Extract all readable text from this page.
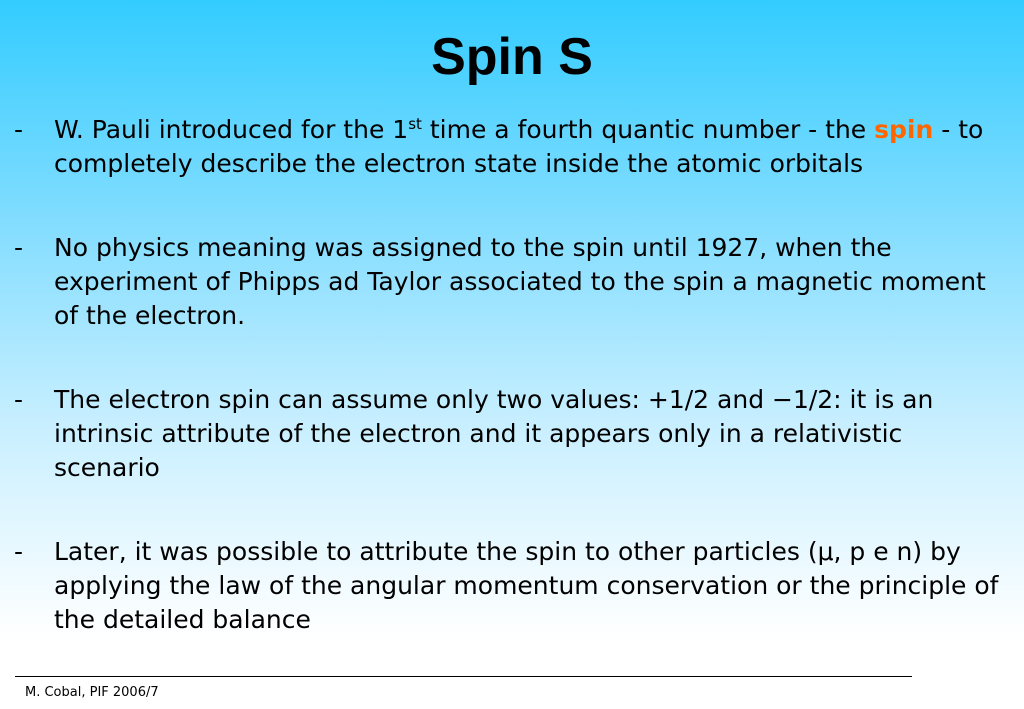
Spin S
- W. Pauli introduced for the 1st time a fourth quantic number - the spin - to completely describe the electron state inside the atomic orbitals
- No physics meaning was assigned to the spin until 1927, when the experiment of Phipps ad Taylor associated to the spin a magnetic moment of the electron.
- The electron spin can assume only two values: +1/2 and −1/2: it is an intrinsic attribute of the electron and it appears only in a relativistic scenario
- Later, it was possible to attribute the spin to other particles (μ, p e n) by applying the law of the angular momentum conservation or the principle of the detailed balance
M. Cobal, PIF 2006/7
